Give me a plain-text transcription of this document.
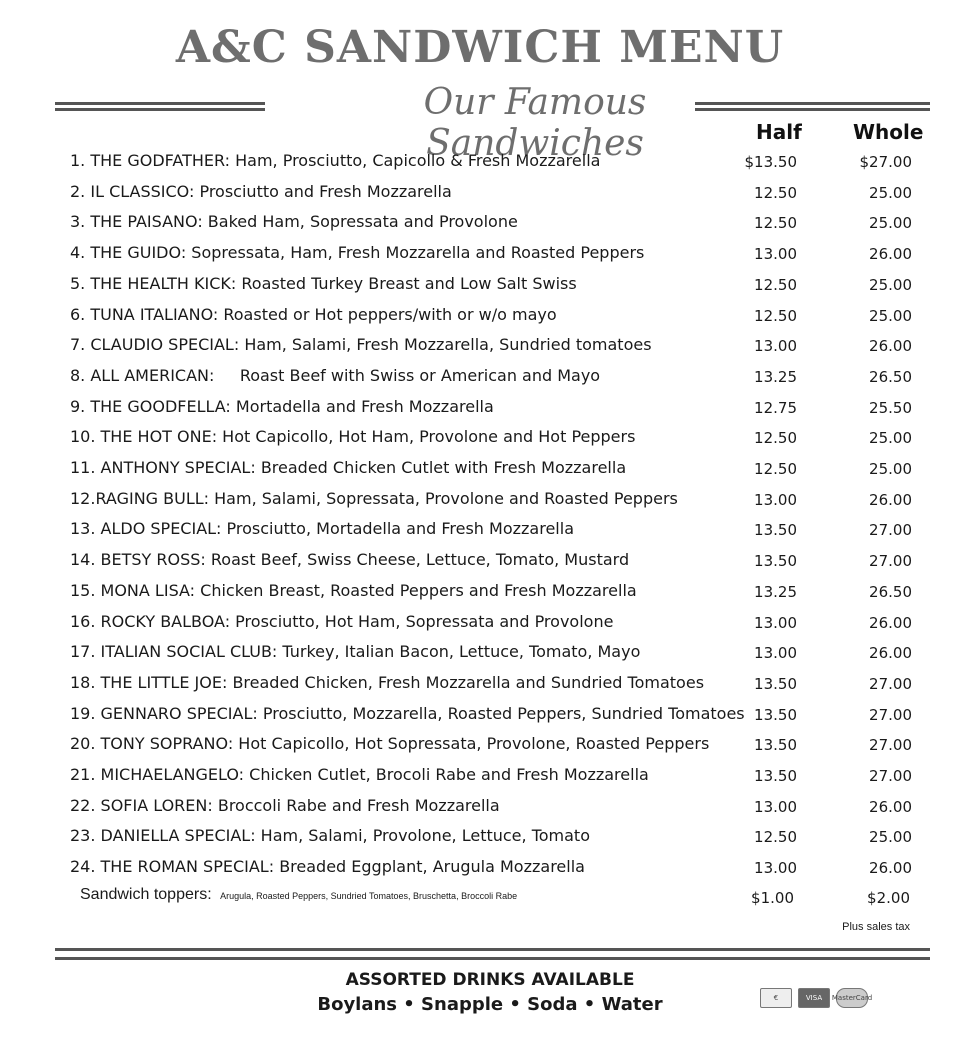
A&C SANDWICH MENU
Our Famous Sandwiches	Half	Whole
1. THE GODFATHER: Ham, Prosciutto, Capicollo & Fresh Mozzarella	$13.50	$27.00
2. IL CLASSICO: Prosciutto and Fresh Mozzarella	12.50	25.00
3. THE PAISANO: Baked Ham, Sopressata and Provolone	12.50	25.00
4. THE GUIDO: Sopressata, Ham, Fresh Mozzarella and Roasted Peppers	13.00	26.00
5. THE HEALTH KICK: Roasted Turkey Breast and Low Salt Swiss	12.50	25.00
6. TUNA ITALIANO: Roasted or Hot peppers/with or w/o mayo	12.50	25.00
7. CLAUDIO SPECIAL: Ham, Salami, Fresh Mozzarella, Sundried tomatoes	13.00	26.00
8. ALL AMERICAN:     Roast Beef with Swiss or American and Mayo	13.25	26.50
9. THE GOODFELLA: Mortadella and Fresh Mozzarella	12.75	25.50
10. THE HOT ONE: Hot Capicollo, Hot Ham, Provolone and Hot Peppers	12.50	25.00
11. ANTHONY SPECIAL: Breaded Chicken Cutlet with Fresh Mozzarella	12.50	25.00
12.RAGING BULL: Ham, Salami, Sopressata, Provolone and Roasted Peppers	13.00	26.00
13. ALDO SPECIAL: Prosciutto, Mortadella and Fresh Mozzarella	13.50	27.00
14. BETSY ROSS: Roast Beef, Swiss Cheese, Lettuce, Tomato, Mustard	13.50	27.00
15. MONA LISA: Chicken Breast, Roasted Peppers and Fresh Mozzarella	13.25	26.50
16. ROCKY BALBOA: Prosciutto, Hot Ham, Sopressata and Provolone	13.00	26.00
17. ITALIAN SOCIAL CLUB: Turkey, Italian Bacon, Lettuce, Tomato, Mayo	13.00	26.00
18. THE LITTLE JOE: Breaded Chicken, Fresh Mozzarella and Sundried Tomatoes	13.50	27.00
19. GENNARO SPECIAL: Prosciutto, Mozzarella, Roasted Peppers, Sundried Tomatoes 13.50	27.00
20. TONY SOPRANO: Hot Capicollo, Hot Sopressata, Provolone, Roasted Peppers	13.50	27.00
21. MICHAELANGELO: Chicken Cutlet, Brocoli Rabe and Fresh Mozzarella	13.50	27.00
22. SOFIA LOREN: Broccoli Rabe and Fresh Mozzarella	13.00	26.00
23. DANIELLA SPECIAL: Ham, Salami, Provolone, Lettuce, Tomato	12.50	25.00
24. THE ROMAN SPECIAL: Breaded Eggplant, Arugula Mozzarella	13.00	26.00
Sandwich toppers: Arugula, Roasted Peppers, Sundried Tomatoes, Bruschetta, Broccoli Rabe	$1.00	$2.00
Plus sales tax
ASSORTED DRINKS AVAILABLE
Boylans • Snapple • Soda • Water	€	VISA	MasterCard
